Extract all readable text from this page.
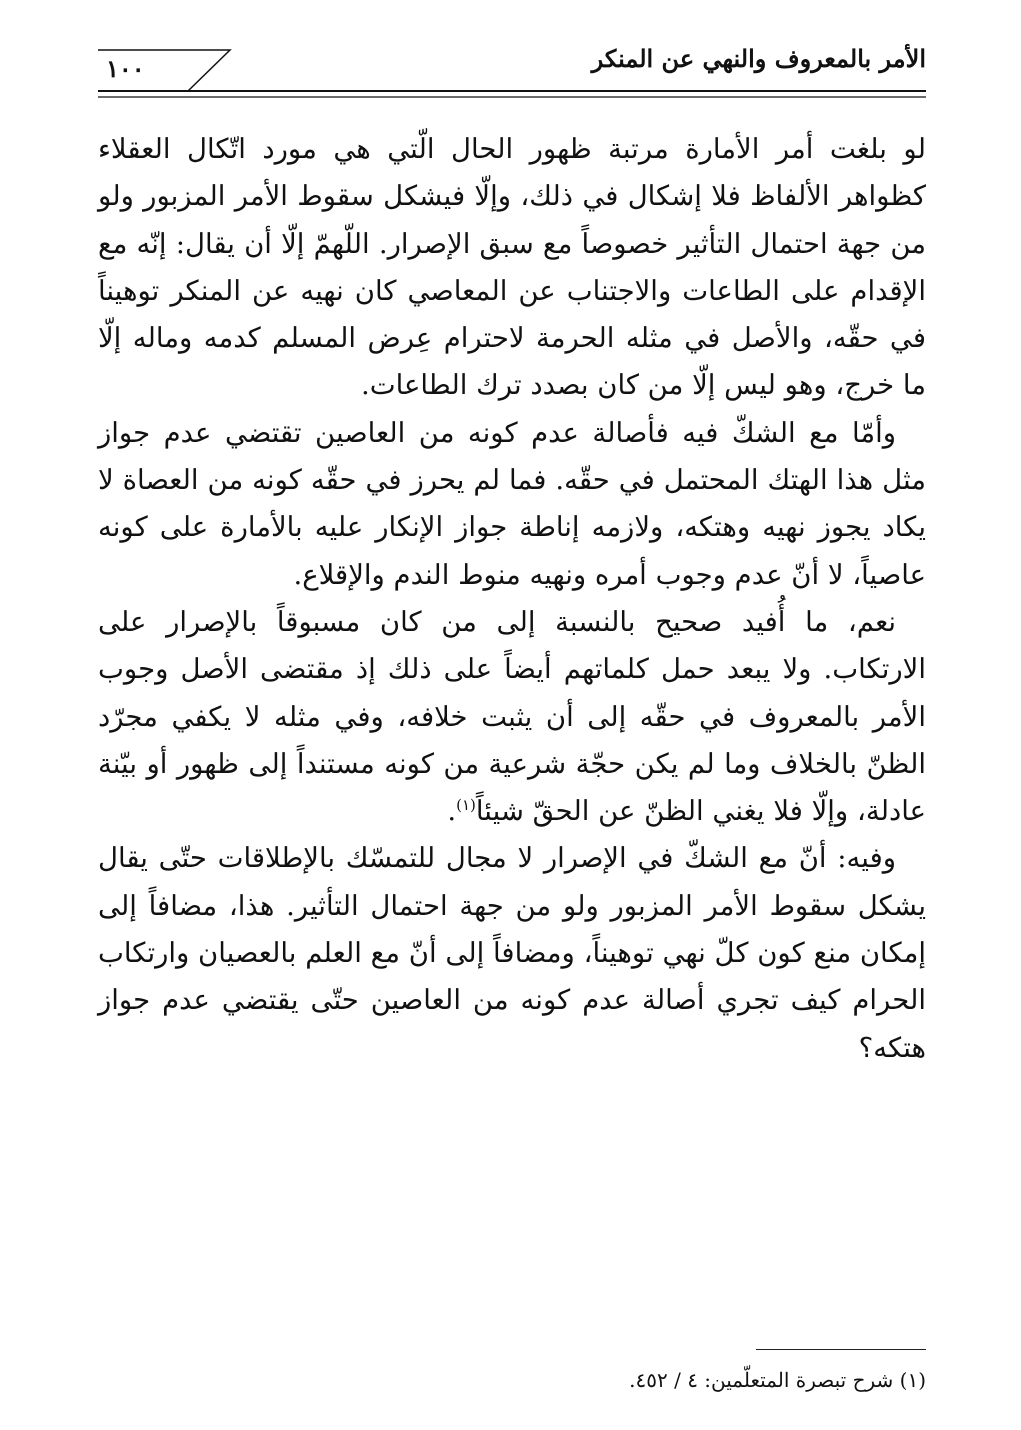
الأمر بالمعروف والنهي عن المنكر
١٠٠

لو بلغت أمر الأمارة مرتبة ظهور الحال الّتي هي مورد اتّكال العقلاء كظواهر الألفاظ فلا إشكال في ذلك، وإلّا فيشكل سقوط الأمر المزبور ولو من جهة احتمال التأثير خصوصاً مع سبق الإصرار. اللّهمّ إلّا أن يقال: إنّه مع الإقدام على الطاعات والاجتناب عن المعاصي كان نهيه عن المنكر توهيناً في حقّه، والأصل في مثله الحرمة لاحترام عِرض المسلم كدمه وماله إلّا ما خرج، وهو ليس إلّا من كان بصدد ترك الطاعات.

وأمّا مع الشكّ فيه فأصالة عدم كونه من العاصين تقتضي عدم جواز مثل هذا الهتك المحتمل في حقّه. فما لم يحرز في حقّه كونه من العصاة لا يكاد يجوز نهيه وهتكه، ولازمه إناطة جواز الإنكار عليه بالأمارة على كونه عاصياً، لا أنّ عدم وجوب أمره ونهيه منوط الندم والإقلاع.

نعم، ما أُفيد صحيح بالنسبة إلى من كان مسبوقاً بالإصرار على الارتكاب. ولا يبعد حمل كلماتهم أيضاً على ذلك إذ مقتضى الأصل وجوب الأمر بالمعروف في حقّه إلى أن يثبت خلافه، وفي مثله لا يكفي مجرّد الظنّ بالخلاف وما لم يكن حجّة شرعية من كونه مستنداً إلى ظهور أو بيّنة عادلة، وإلّا فلا يغني الظنّ عن الحقّ شيئاً$^{(١)}$.

وفيه: أنّ مع الشكّ في الإصرار لا مجال للتمسّك بالإطلاقات حتّى يقال يشكل سقوط الأمر المزبور ولو من جهة احتمال التأثير. هذا، مضافاً إلى إمكان منع كون كلّ نهي توهيناً، ومضافاً إلى أنّ مع العلم بالعصيان وارتكاب الحرام كيف تجري أصالة عدم كونه من العاصين حتّى يقتضي عدم جواز هتكه؟

(١) شرح تبصرة المتعلّمين: ٤ / ٤٥٢.
